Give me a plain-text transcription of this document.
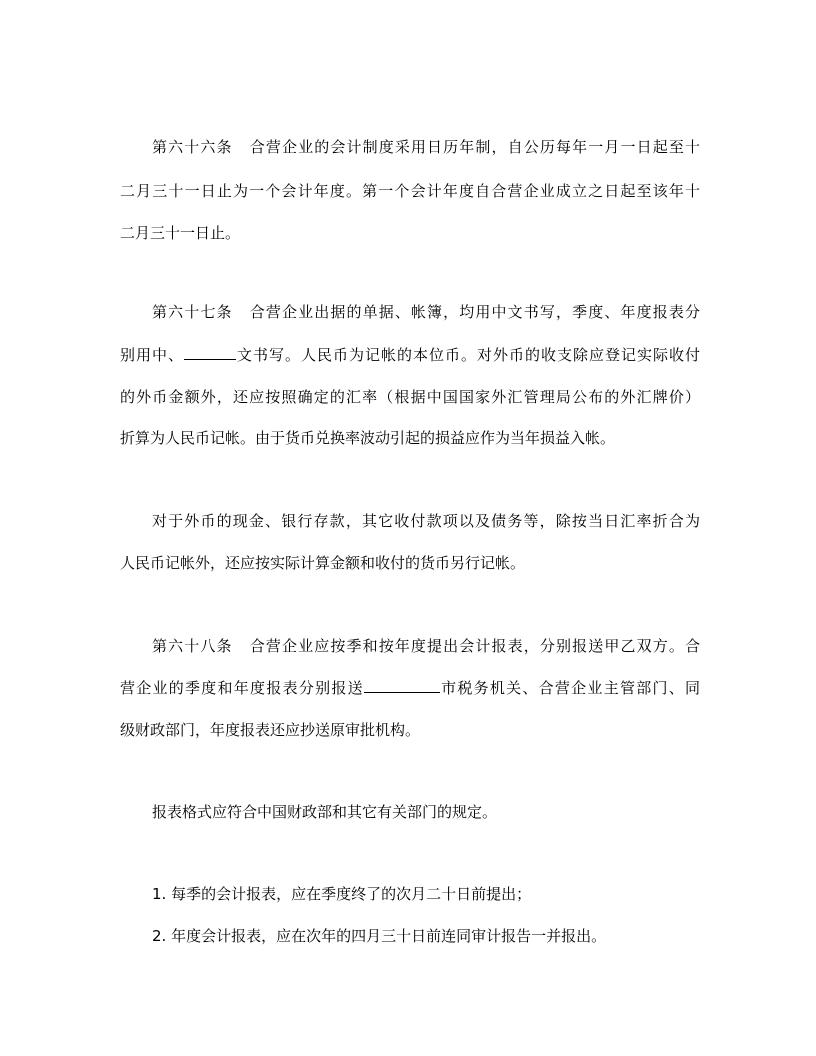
第六十六条 合营企业的会计制度采用日历年制，自公历每年一月一日起至十
二月三十一日止为一个会计年度。第一个会计年度自合营企业成立之日起至该年十
二月三十一日止。
第六十七条 合营企业出据的单据、帐簿，均用中文书写，季度、年度报表分
别用中、	文书写。人民币为记帐的本位币。对外币的收支除应登记实际收付
的外币金额外，还应按照确定的汇率（根据中国国家外汇管理局公布的外汇牌价）
折算为人民币记帐。由于货币兑换率波动引起的损益应作为当年损益入帐。
对于外币的现金、银行存款，其它收付款项以及债务等，除按当日汇率折合为
人民币记帐外，还应按实际计算金额和收付的货币另行记帐。
第六十八条 合营企业应按季和按年度提出会计报表，分别报送甲乙双方。合
营企业的季度和年度报表分别报送	市税务机关、合营企业主管部门、同
级财政部门，年度报表还应抄送原审批机构。
报表格式应符合中国财政部和其它有关部门的规定。
1. 每季的会计报表，应在季度终了的次月二十日前提出；
2. 年度会计报表，应在次年的四月三十日前连同审计报告一并报出。
